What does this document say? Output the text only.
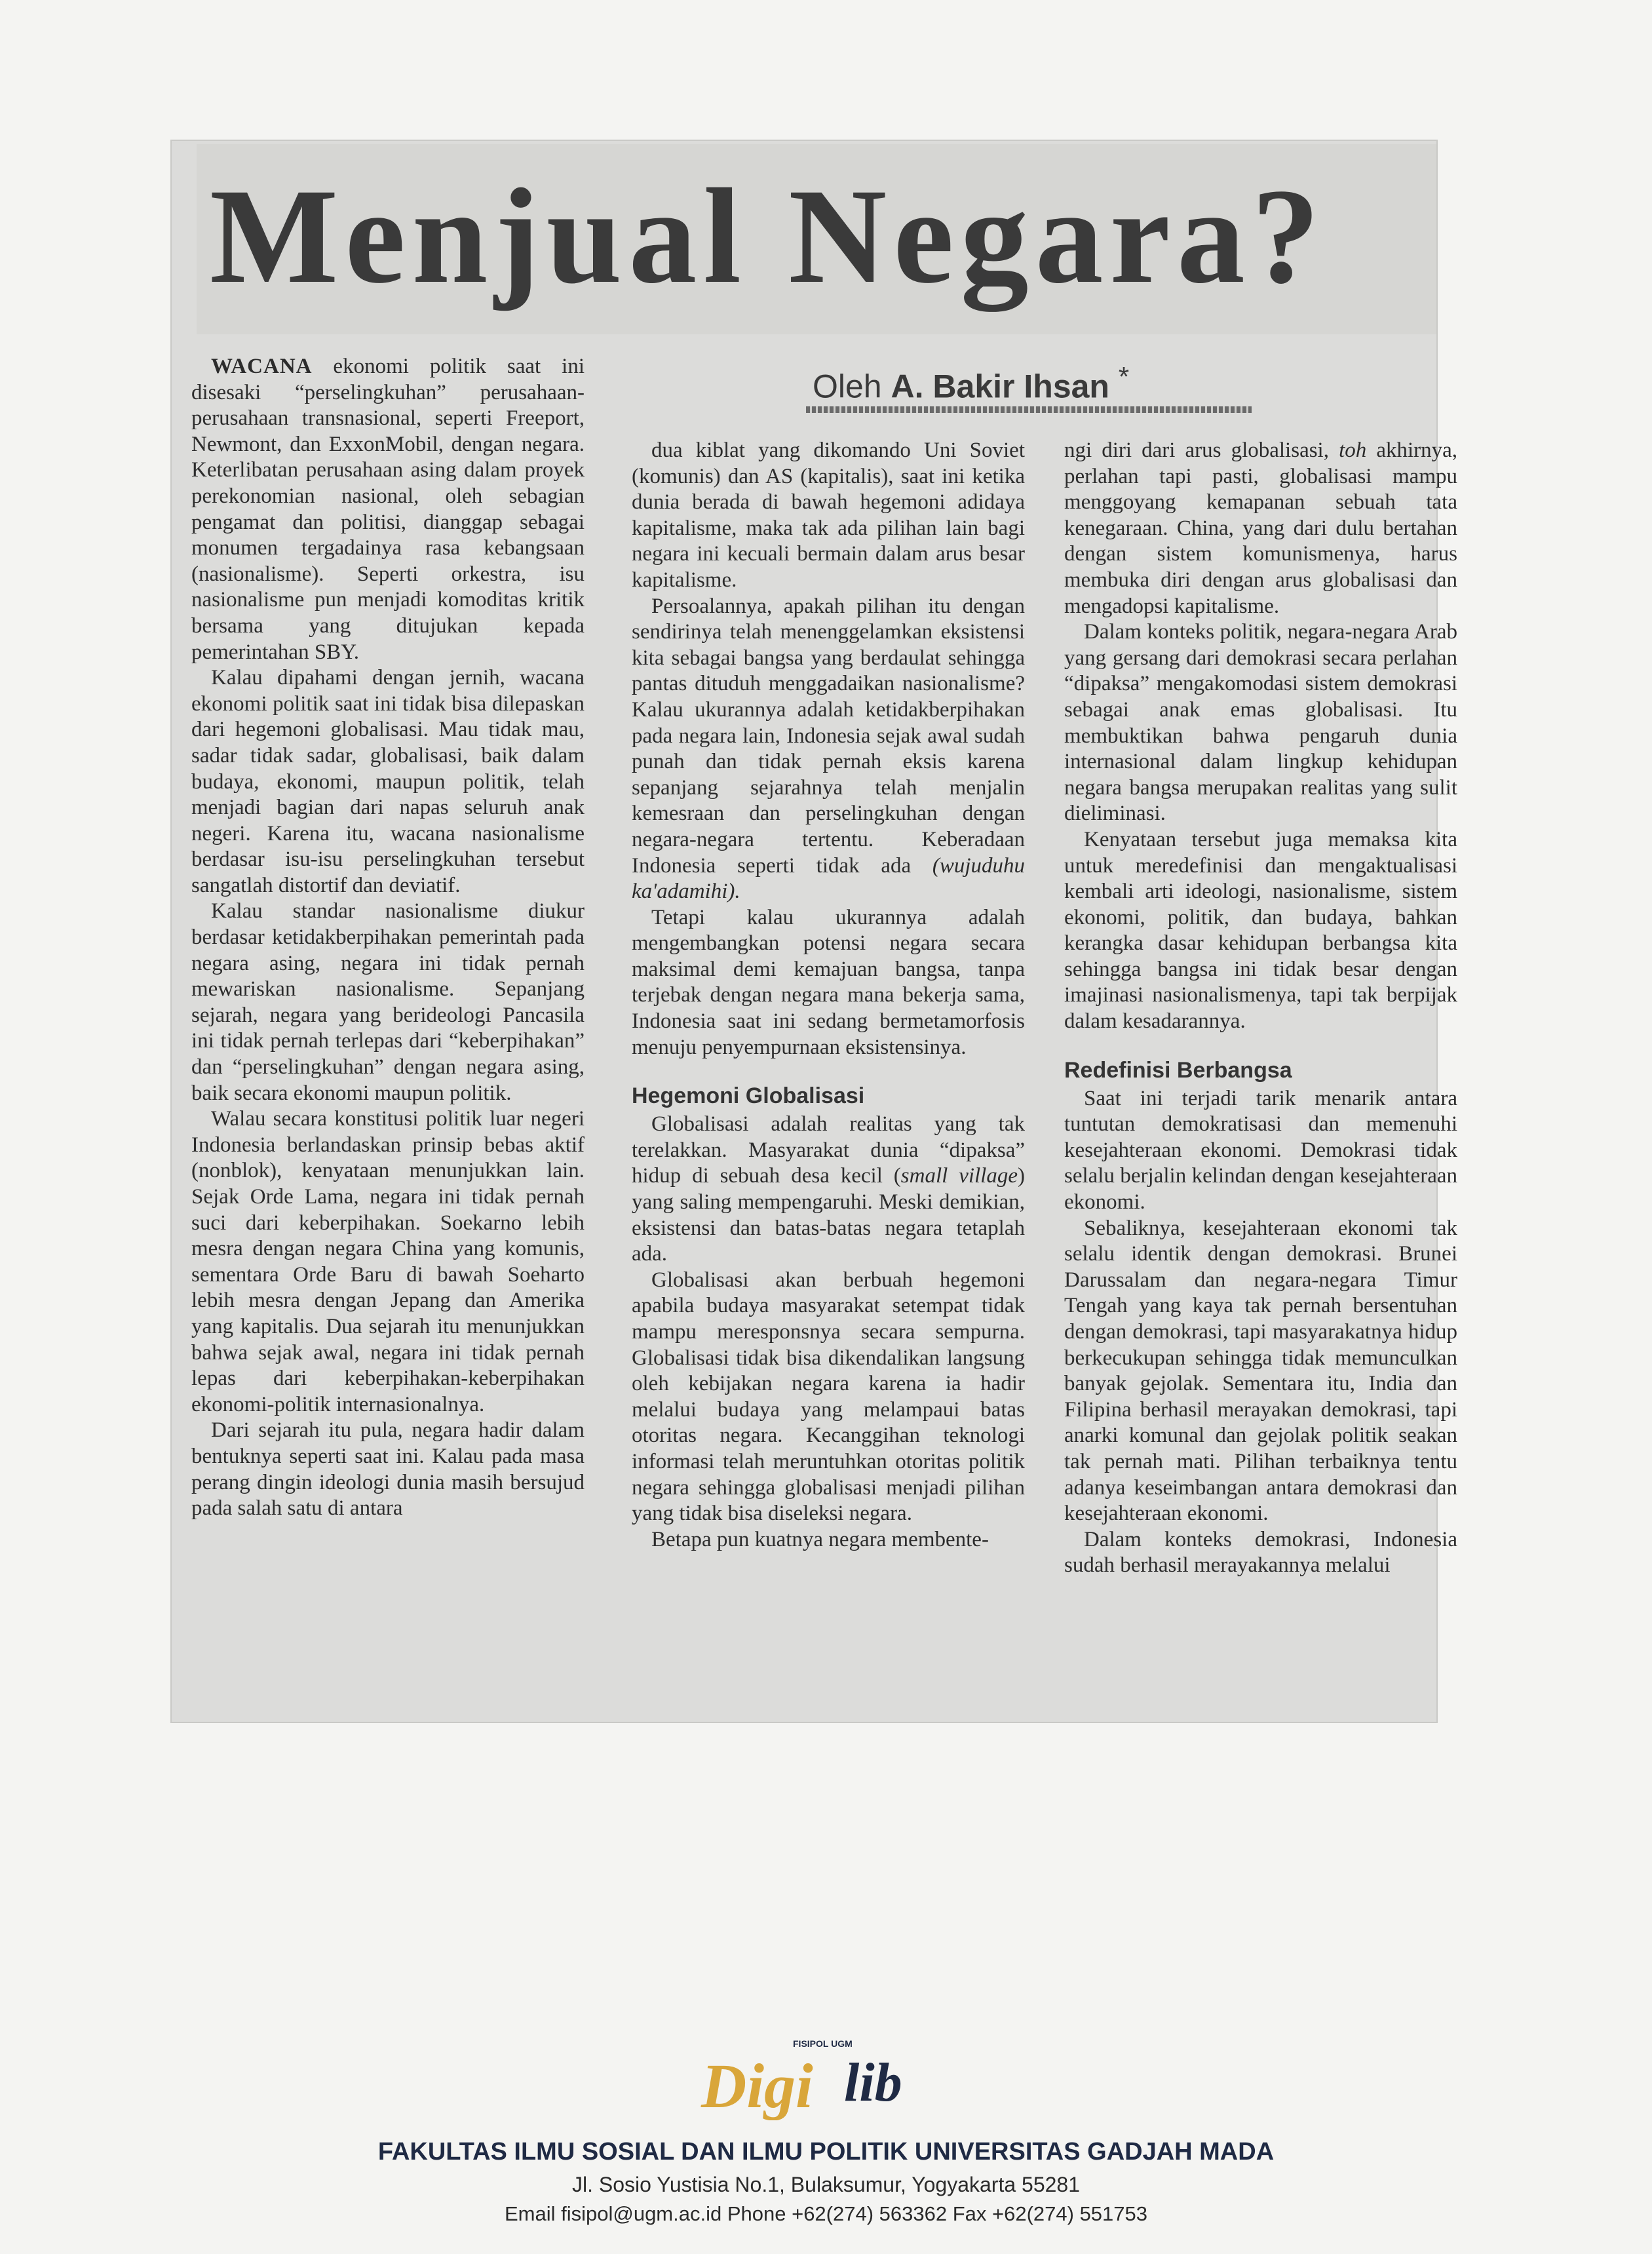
Menjual Negara?
Oleh A. Bakir Ihsan *

WACANA ekonomi politik saat ini disesaki “perselingkuhan” perusahaan-perusahaan transnasional, seperti Freeport, Newmont, dan ExxonMobil, dengan negara. Keterlibatan perusahaan asing dalam proyek perekonomian nasional, oleh sebagian pengamat dan politisi, dianggap sebagai monumen tergadainya rasa kebangsaan (nasionalisme). Seperti orkestra, isu nasionalisme pun menjadi komoditas kritik bersama yang ditujukan kepada pemerintahan SBY.

Kalau dipahami dengan jernih, wacana ekonomi politik saat ini tidak bisa dilepaskan dari hegemoni globalisasi. Mau tidak mau, sadar tidak sadar, globalisasi, baik dalam budaya, ekonomi, maupun politik, telah menjadi bagian dari napas seluruh anak negeri. Karena itu, wacana nasionalisme berdasar isu-isu perselingkuhan tersebut sangatlah distortif dan deviatif.

Kalau standar nasionalisme diukur berdasar ketidakberpihakan pemerintah pada negara asing, negara ini tidak pernah mewariskan nasionalisme. Sepanjang sejarah, negara yang berideologi Pancasila ini tidak pernah terlepas dari “keberpihakan” dan “perselingkuhan” dengan negara asing, baik secara ekonomi maupun politik.

Walau secara konstitusi politik luar negeri Indonesia berlandaskan prinsip bebas aktif (nonblok), kenyataan menunjukkan lain. Sejak Orde Lama, negara ini tidak pernah suci dari keberpihakan. Soekarno lebih mesra dengan negara China yang komunis, sementara Orde Baru di bawah Soeharto lebih mesra dengan Jepang dan Amerika yang kapitalis. Dua sejarah itu menunjukkan bahwa sejak awal, negara ini tidak pernah lepas dari keberpihakan-keberpihakan ekonomi-politik internasionalnya.

Dari sejarah itu pula, negara hadir dalam bentuknya seperti saat ini. Kalau pada masa perang dingin ideologi dunia masih bersujud pada salah satu di antara

dua kiblat yang dikomando Uni Soviet (komunis) dan AS (kapitalis), saat ini ketika dunia berada di bawah hegemoni adidaya kapitalisme, maka tak ada pilihan lain bagi negara ini kecuali bermain dalam arus besar kapitalisme.

Persoalannya, apakah pilihan itu dengan sendirinya telah menenggelamkan eksistensi kita sebagai bangsa yang berdaulat sehingga pantas dituduh menggadaikan nasionalisme? Kalau ukurannya adalah ketidakberpihakan pada negara lain, Indonesia sejak awal sudah punah dan tidak pernah eksis karena sepanjang sejarahnya telah menjalin kemesraan dan perselingkuhan dengan negara-negara tertentu. Keberadaan Indonesia seperti tidak ada (wujuduhu ka'adamihi).

Tetapi kalau ukurannya adalah mengembangkan potensi negara secara maksimal demi kemajuan bangsa, tanpa terjebak dengan negara mana bekerja sama, Indonesia saat ini sedang bermetamorfosis menuju penyempurnaan eksistensinya.

Hegemoni Globalisasi

Globalisasi adalah realitas yang tak terelakkan. Masyarakat dunia “dipaksa” hidup di sebuah desa kecil (small village) yang saling mempengaruhi. Meski demikian, eksistensi dan batas-batas negara tetaplah ada.

Globalisasi akan berbuah hegemoni apabila budaya masyarakat setempat tidak mampu meresponsnya secara sempurna. Globalisasi tidak bisa dikendalikan langsung oleh kebijakan negara karena ia hadir melalui budaya yang melampaui batas otoritas negara. Kecanggihan teknologi informasi telah meruntuhkan otoritas politik negara sehingga globalisasi menjadi pilihan yang tidak bisa diseleksi negara.

Betapa pun kuatnya negara membente-

ngi diri dari arus globalisasi, toh akhirnya, perlahan tapi pasti, globalisasi mampu menggoyang kemapanan sebuah tata kenegaraan. China, yang dari dulu bertahan dengan sistem komunismenya, harus membuka diri dengan arus globalisasi dan mengadopsi kapitalisme.

Dalam konteks politik, negara-negara Arab yang gersang dari demokrasi secara perlahan “dipaksa” mengakomodasi sistem demokrasi sebagai anak emas globalisasi. Itu membuktikan bahwa pengaruh dunia internasional dalam lingkup kehidupan negara bangsa merupakan realitas yang sulit dieliminasi.

Kenyataan tersebut juga memaksa kita untuk meredefinisi dan mengaktualisasi kembali arti ideologi, nasionalisme, sistem ekonomi, politik, dan budaya, bahkan kerangka dasar kehidupan berbangsa kita sehingga bangsa ini tidak besar dengan imajinasi nasionalismenya, tapi tak berpijak dalam kesadarannya.

Redefinisi Berbangsa

Saat ini terjadi tarik menarik antara tuntutan demokratisasi dan memenuhi kesejahteraan ekonomi. Demokrasi tidak selalu berjalin kelindan dengan kesejahteraan ekonomi.

Sebaliknya, kesejahteraan ekonomi tak selalu identik dengan demokrasi. Brunei Darussalam dan negara-negara Timur Tengah yang kaya tak pernah bersentuhan dengan demokrasi, tapi masyarakatnya hidup berkecukupan sehingga tidak memunculkan banyak gejolak. Sementara itu, India dan Filipina berhasil merayakan demokrasi, tapi anarki komunal dan gejolak politik seakan tak pernah mati. Pilihan terbaiknya tentu adanya keseimbangan antara demokrasi dan kesejahteraan ekonomi.

Dalam konteks demokrasi, Indonesia sudah berhasil merayakannya melalui

FISIPOL UGM
Digi lib
FAKULTAS ILMU SOSIAL DAN ILMU POLITIK UNIVERSITAS GADJAH MADA
Jl. Sosio Yustisia No.1, Bulaksumur, Yogyakarta 55281
Email fisipol@ugm.ac.id Phone +62(274) 563362 Fax +62(274) 551753
